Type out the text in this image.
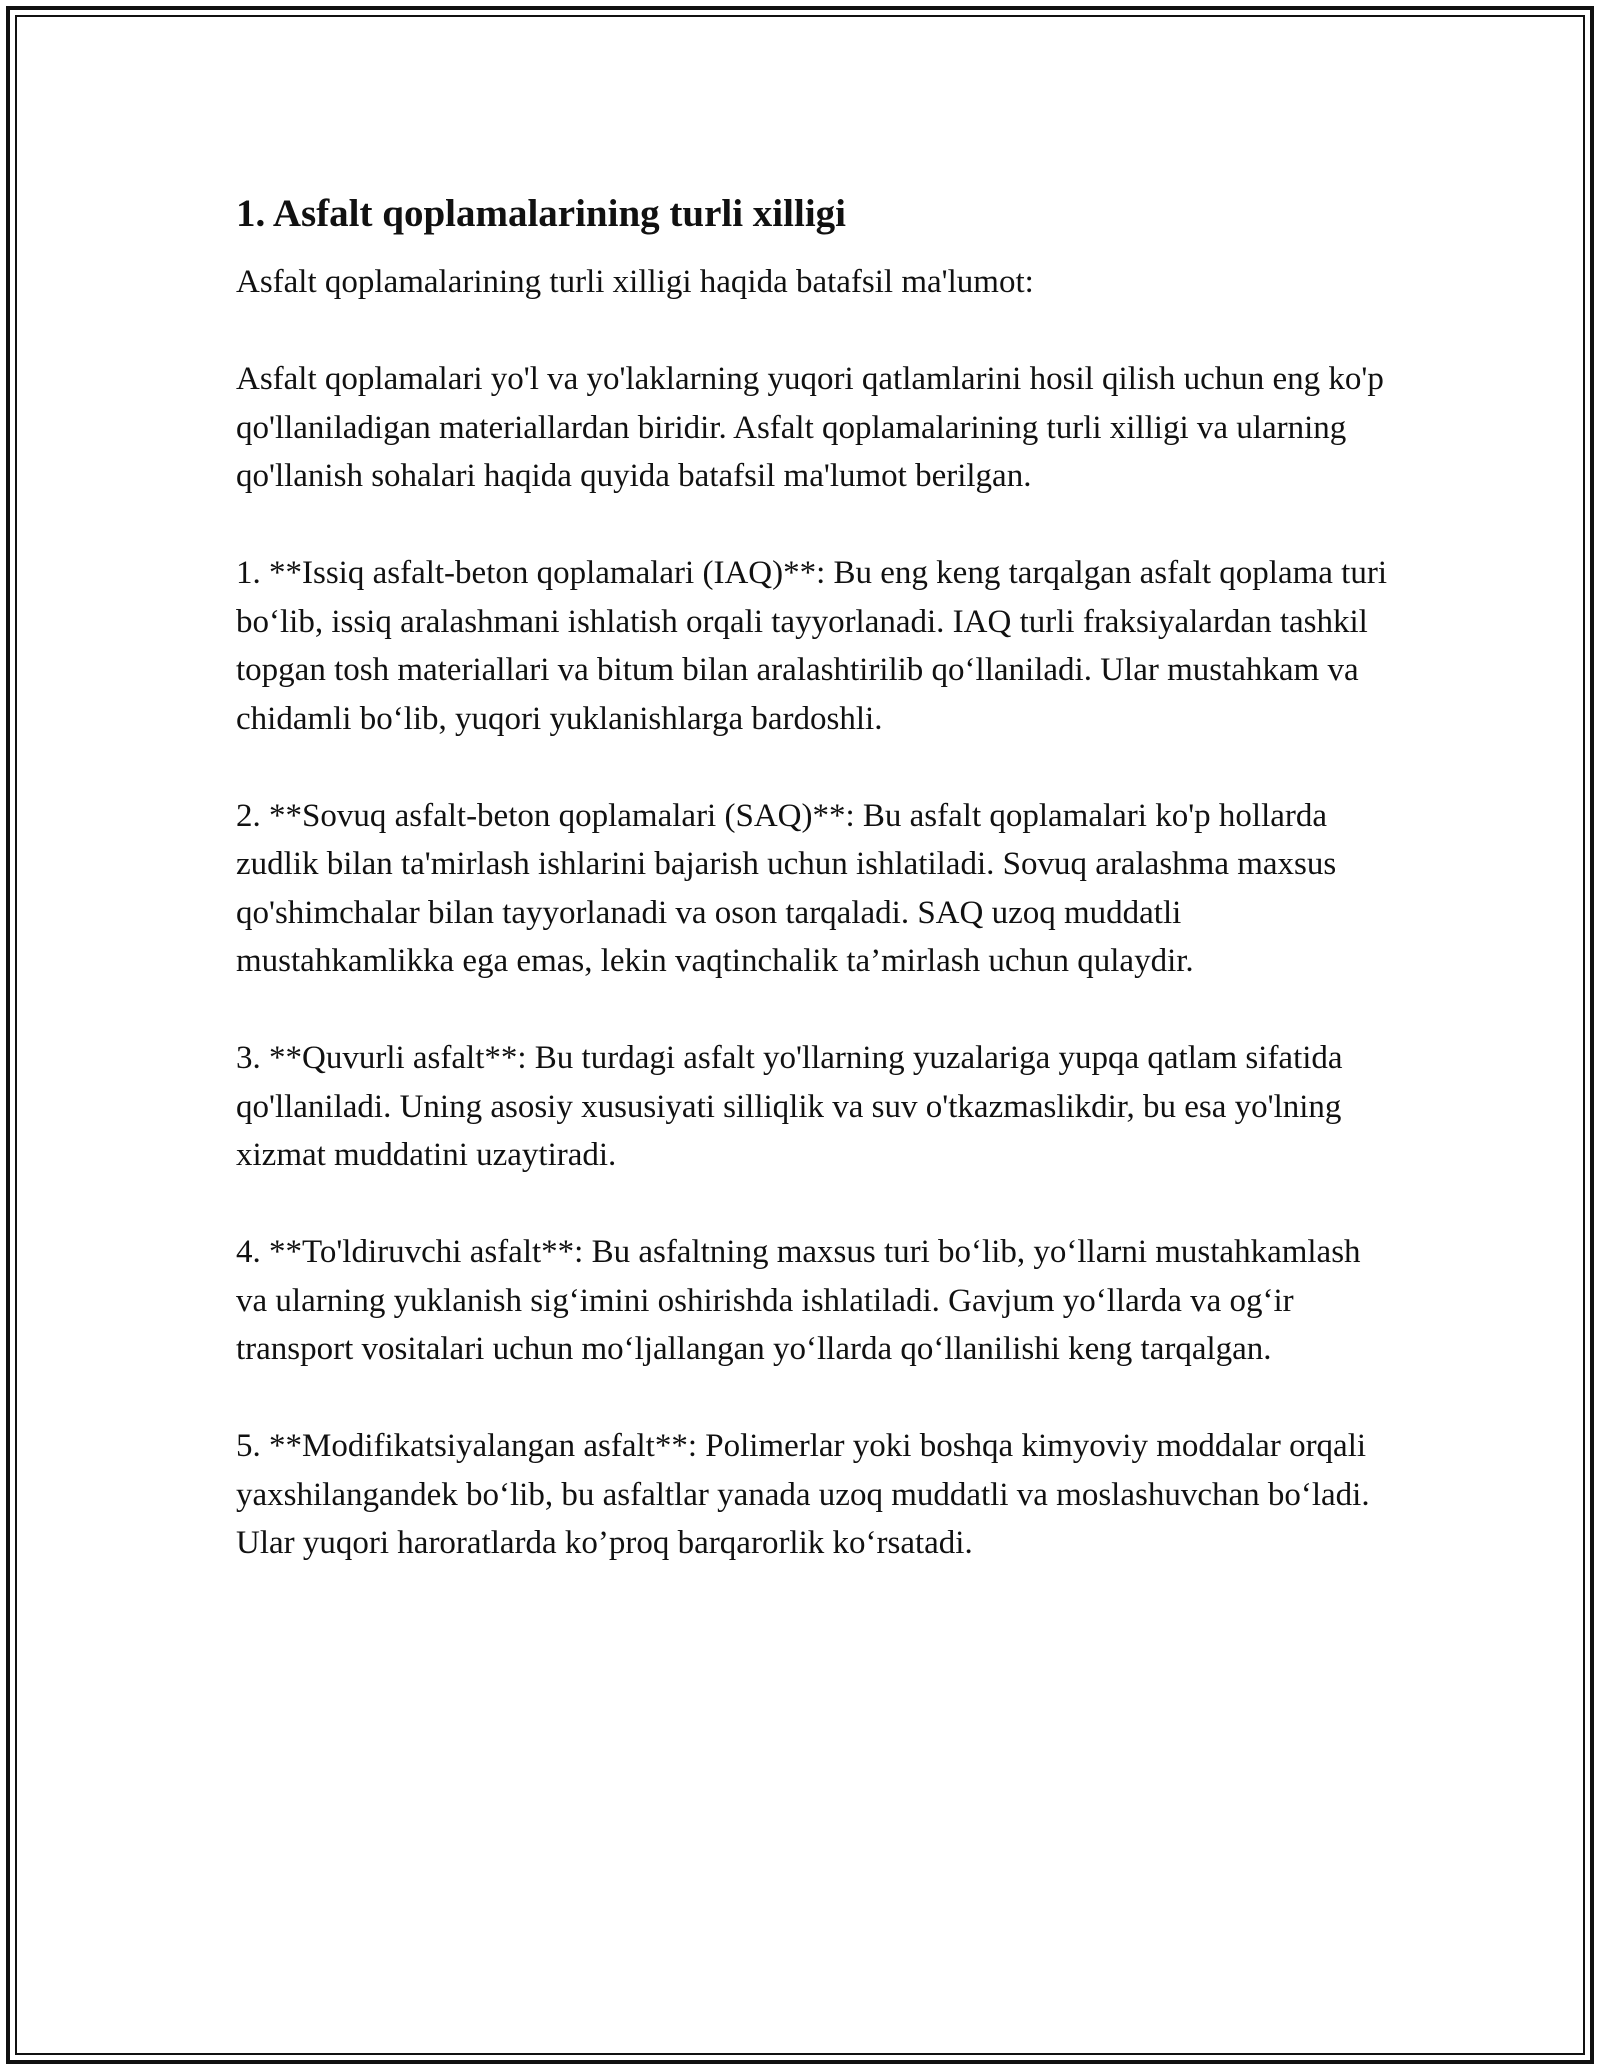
1. Asfalt qoplamalarining turli xilligi

Asfalt qoplamalarining turli xilligi haqida batafsil ma'lumot:

Asfalt qoplamalari yo'l va yo'laklarning yuqori qatlamlarini hosil qilish uchun eng ko'p qo'llaniladigan materiallardan biridir. Asfalt qoplamalarining turli xilligi va ularning qo'llanish sohalari haqida quyida batafsil ma'lumot berilgan.

1. **Issiq asfalt-beton qoplamalari (IAQ)**: Bu eng keng tarqalgan asfalt qoplama turi bo‘lib, issiq aralashmani ishlatish orqali tayyorlanadi. IAQ turli fraksiyalardan tashkil topgan tosh materiallari va bitum bilan aralashtirilib qo‘llaniladi. Ular mustahkam va chidamli bo‘lib, yuqori yuklanishlarga bardoshli.

2. **Sovuq asfalt-beton qoplamalari (SAQ)**: Bu asfalt qoplamalari ko'p hollarda zudlik bilan ta'mirlash ishlarini bajarish uchun ishlatiladi. Sovuq aralashma maxsus qo'shimchalar bilan tayyorlanadi va oson tarqaladi. SAQ uzoq muddatli mustahkamlikka ega emas, lekin vaqtinchalik ta’mirlash uchun qulaydir.

3. **Quvurli asfalt**: Bu turdagi asfalt yo'llarning yuzalariga yupqa qatlam sifatida qo'llaniladi. Uning asosiy xususiyati silliqlik va suv o'tkazmaslikdir, bu esa yo'lning xizmat muddatini uzaytiradi.

4. **To'ldiruvchi asfalt**: Bu asfaltning maxsus turi bo‘lib, yo‘llarni mustahkamlash va ularning yuklanish sig‘imini oshirishda ishlatiladi. Gavjum yo‘llarda va og‘ir transport vositalari uchun mo‘ljallangan yo‘llarda qo‘llanilishi keng tarqalgan.

5. **Modifikatsiyalangan asfalt**: Polimerlar yoki boshqa kimyoviy moddalar orqali yaxshilangandek bo‘lib, bu asfaltlar yanada uzoq muddatli va moslashuvchan bo‘ladi. Ular yuqori haroratlarda ko’proq barqarorlik ko‘rsatadi.
